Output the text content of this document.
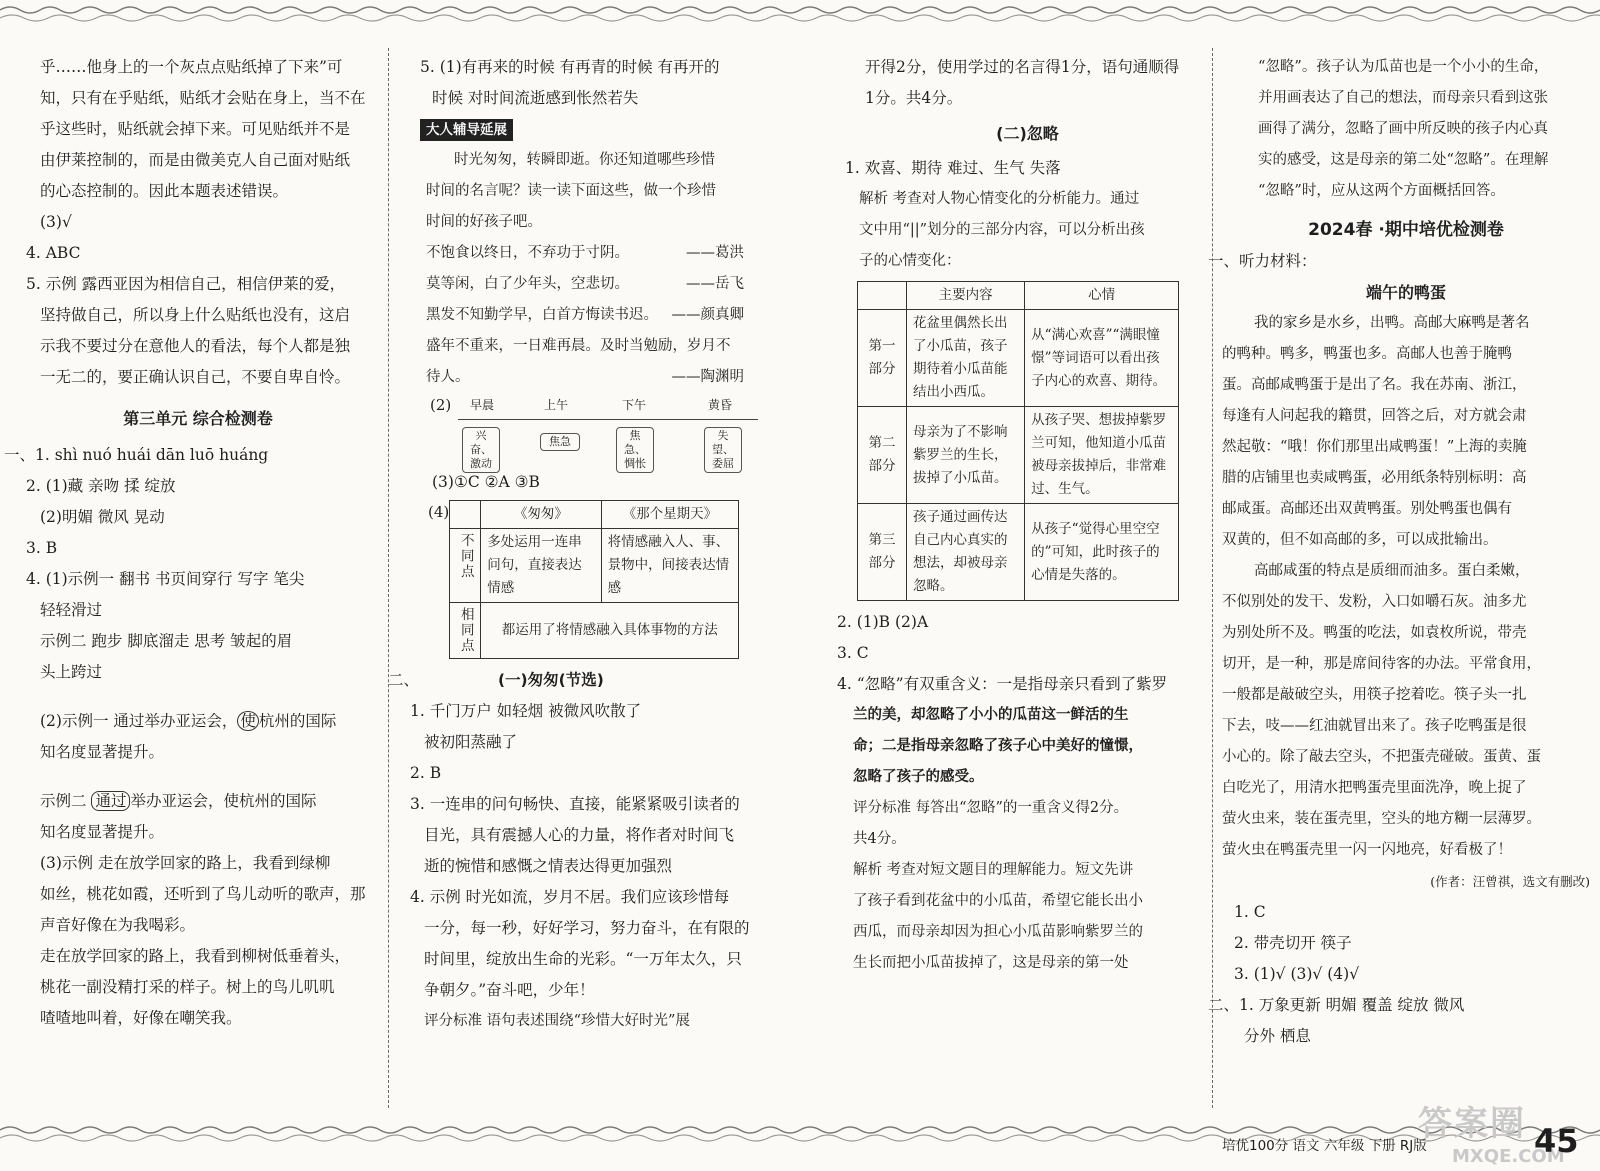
乎……他身上的一个灰点点贴纸掉了下来”可
知，只有在乎贴纸，贴纸才会贴在身上，当不在
乎这些时，贴纸就会掉下来。可见贴纸并不是
由伊莱控制的，而是由微美克人自己面对贴纸
的心态控制的。因此本题表述错误。
(3)√
4. ABC
5. 示例 露西亚因为相信自己，相信伊莱的爱，
坚持做自己，所以身上什么贴纸也没有，这启
示我不要过分在意他人的看法，每个人都是独
一无二的，要正确认识自己，不要自卑自怜。
第三单元 综合检测卷
一、1. shì nuó huái dān luō huáng
2. (1)藏 亲吻 揉 绽放
(2)明媚 微风 晃动
3. B
4. (1)示例一 翻书 书页间穿行 写字 笔尖
轻轻滑过
示例二 跑步 脚底溜走 思考 皱起的眉
头上跨过
(2)示例一 通过举办亚运会， 使 杭州的国际
知名度显著提升。
示例二 通过 举办亚运会，使杭州的国际
知名度显著提升。
(3)示例 走在放学回家的路上，我看到绿柳
如丝，桃花如霞，还听到了鸟儿动听的歌声，那
声音好像在为我喝彩。
走在放学回家的路上，我看到柳树低垂着头，
桃花一副没精打采的样子。树上的鸟儿叽叽
喳喳地叫着，好像在嘲笑我。
5. (1)有再来的时候 有再青的时候 有再开的
时候 对时间流逝感到怅然若失
大人辅导延展
时光匆匆，转瞬即逝。你还知道哪些珍惜
时间的名言呢？读一读下面这些，做一个珍惜
时间的好孩子吧。
不饱食以终日，不弃功于寸阴。	——葛洪
莫等闲，白了少年头，空悲切。	——岳飞
黑发不知勤学早，白首方悔读书迟。 ——颜真卿
盛年不重来，一日难再晨。及时当勉励，岁月不
待人。	——陶渊明
(2) 早晨	上午	下午	黄昏
兴奋、激动
焦急	焦急、惆怅
失望、委屈
(3)①C ②A ③B
(4)
		《匆匆》	《那个星期天》
不同点	多处运用一连串问句，直接表达情感	将情感融入人、事、景物中，间接表达情感
相同点	都运用了将情感融入具体事物的方法	
二、	(一)匆匆(节选)
1. 千门万户 如轻烟 被微风吹散了
被初阳蒸融了
2. B
3. 一连串的问句畅快、直接，能紧紧吸引读者的
目光，具有震撼人心的力量，将作者对时间飞
逝的惋惜和感慨之情表达得更加强烈
4. 示例 时光如流，岁月不居。我们应该珍惜每
一分，每一秒，好好学习，努力奋斗，在有限的
时间里，绽放出生命的光彩。“一万年太久，只
争朝夕。”奋斗吧，少年！
评分标准 语句表述围绕“珍惜大好时光”展
开得2分，使用学过的名言得1分，语句通顺得
1分。共4分。
(二)忽略
1. 欢喜、期待 难过、生气 失落
解析 考查对人物心情变化的分析能力。通过
文中用“||”划分的三部分内容，可以分析出孩
子的心情变化：
	主要内容	心情
第一部分	花盆里偶然长出了小瓜苗，孩子期待着小瓜苗能结出小西瓜。	从“满心欢喜”“满眼憧憬”等词语可以看出孩子内心的欢喜、期待。
第二部分	母亲为了不影响紫罗兰的生长，拔掉了小瓜苗。	从孩子哭、想拔掉紫罗兰可知，他知道小瓜苗被母亲拔掉后，非常难过、生气。
第三部分	孩子通过画传达自己内心真实的想法，却被母亲忽略。	从孩子“觉得心里空空的”可知，此时孩子的心情是失落的。
2. (1)B (2)A
3. C
4. “忽略”有双重含义：一是指母亲只看到了紫罗
兰的美，却忽略了小小的瓜苗这一鲜活的生
命；二是指母亲忽略了孩子心中美好的憧憬，
忽略了孩子的感受。
评分标准 每答出“忽略”的一重含义得2分。
共4分。
解析 考查对短文题目的理解能力。短文先讲
了孩子看到花盆中的小瓜苗，希望它能长出小
西瓜，而母亲却因为担心小瓜苗影响紫罗兰的
生长而把小瓜苗拔掉了，这是母亲的第一处
“忽略”。孩子认为瓜苗也是一个小小的生命，
并用画表达了自己的想法，而母亲只看到这张
画得了满分，忽略了画中所反映的孩子内心真
实的感受，这是母亲的第二处“忽略”。在理解
“忽略”时，应从这两个方面概括回答。
2024春 ·期中培优检测卷
一、听力材料：
端午的鸭蛋
我的家乡是水乡，出鸭。高邮大麻鸭是著名
的鸭种。鸭多，鸭蛋也多。高邮人也善于腌鸭
蛋。高邮咸鸭蛋于是出了名。我在苏南、浙江，
每逢有人问起我的籍贯，回答之后，对方就会肃
然起敬：“哦！你们那里出咸鸭蛋！”上海的卖腌
腊的店铺里也卖咸鸭蛋，必用纸条特别标明：高
邮咸蛋。高邮还出双黄鸭蛋。别处鸭蛋也偶有
双黄的，但不如高邮的多，可以成批输出。
高邮咸蛋的特点是质细而油多。蛋白柔嫩，
不似别处的发干、发粉，入口如嚼石灰。油多尤
为别处所不及。鸭蛋的吃法，如袁枚所说，带壳
切开，是一种，那是席间待客的办法。平常食用，
一般都是敲破空头，用筷子挖着吃。筷子头一扎
下去，吱——红油就冒出来了。孩子吃鸭蛋是很
小心的。除了敲去空头，不把蛋壳碰破。蛋黄、蛋
白吃光了，用清水把鸭蛋壳里面洗净，晚上捉了
萤火虫来，装在蛋壳里，空头的地方糊一层薄罗。
萤火虫在鸭蛋壳里一闪一闪地亮，好看极了！
(作者：汪曾祺，选文有删改)
1. C
2. 带壳切开 筷子
3. (1)√ (3)√ (4)√
二、1. 万象更新 明媚 覆盖 绽放 微风
分外 栖息
答案圈
MXQE.COM
培优100分 语文 六年级 下册 RJ版	45
